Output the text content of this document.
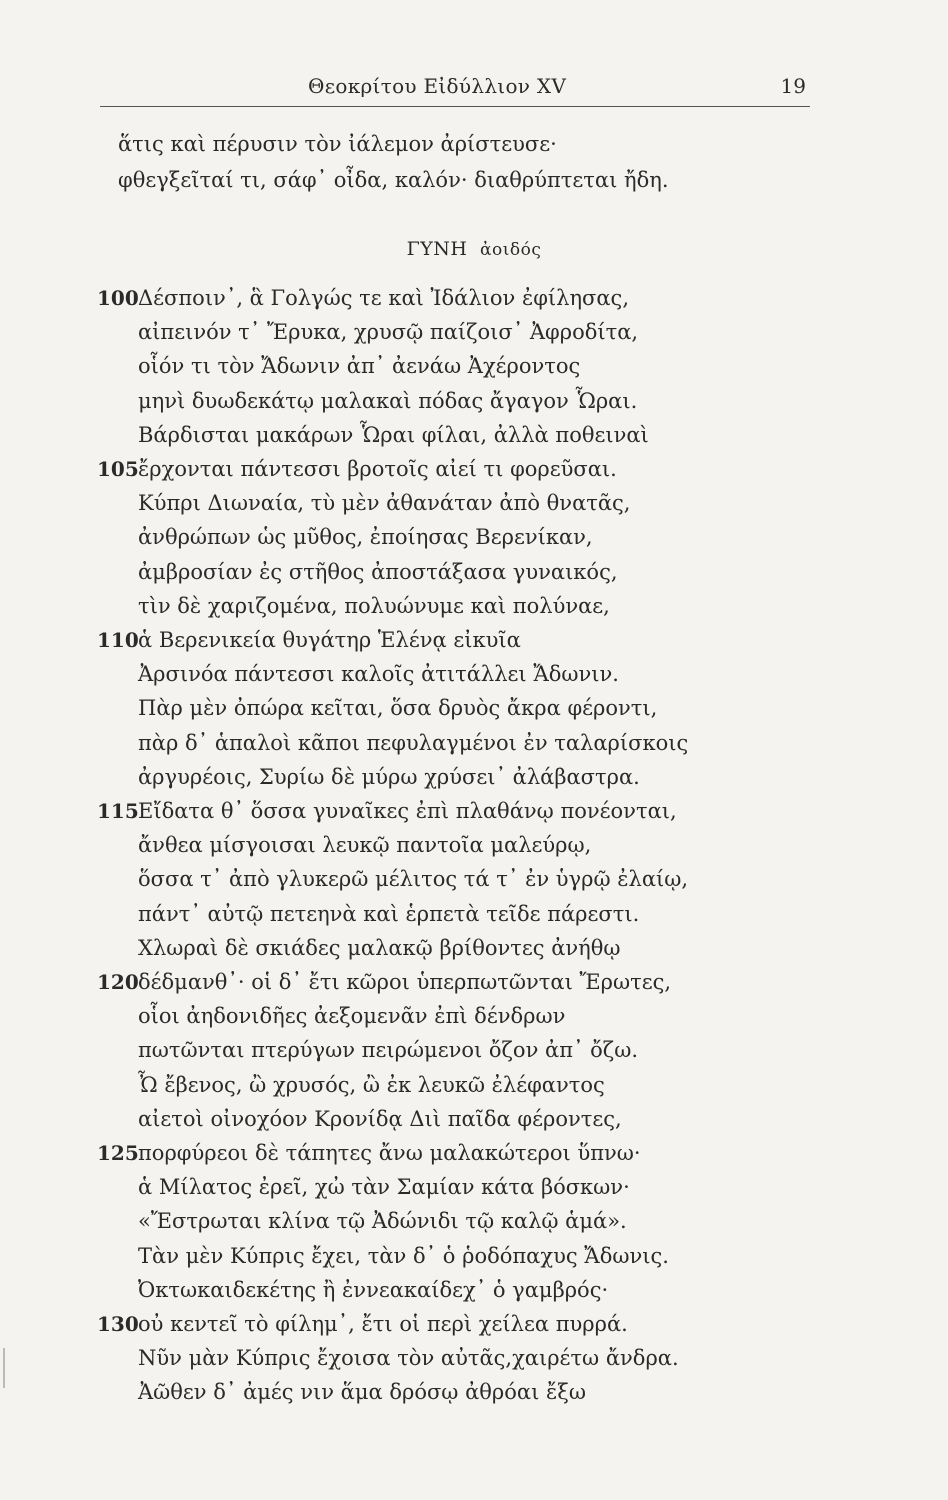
Θεοκρίτου Εἰδύλλιον XV	19
ἅτις καὶ πέρυσιν τὸν ἰάλεμον ἀρίστευσε·
φθεγξεῖταί τι, σάφ᾽ οἶδα, καλόν· διαθρύπτεται ἤδη.
ΓΥΝΗ ἀοιδός
100 Δέσποιν᾽, ἃ Γολγώς τε καὶ Ἰδάλιον ἐφίλησας,
αἰπεινόν τ᾽ Ἔρυκα, χρυσῷ παίζοισ᾽ Ἀφροδίτα,
οἷόν τι τὸν Ἄδωνιν ἀπ᾽ ἀενάω Ἀχέροντος
μηνὶ δυωδεκάτῳ μαλακαὶ πόδας ἄγαγον Ὧραι.
Βάρδισται μακάρων Ὧραι φίλαι, ἀλλὰ ποθειναὶ
105 ἔρχονται πάντεσσι βροτοῖς αἰεί τι φορεῦσαι.
Κύπρι Διωναία, τὺ μὲν ἀθανάταν ἀπὸ θνατᾶς,
ἀνθρώπων ὡς μῦθος, ἐποίησας Βερενίκαν,
ἀμβροσίαν ἐς στῆθος ἀποστάξασα γυναικός,
τὶν δὲ χαριζομένα, πολυώνυμε καὶ πολύναε,
110 ἁ Βερενικεία θυγάτηρ Ἑλένᾳ εἰκυῖα
Ἀρσινόα πάντεσσι καλοῖς ἀτιτάλλει Ἄδωνιν.
Πὰρ μὲν ὀπώρα κεῖται, ὅσα δρυὸς ἄκρα φέροντι,
πὰρ δ᾽ ἁπαλοὶ κᾶποι πεφυλαγμένοι ἐν ταλαρίσκοις
ἀργυρέοις, Συρίω δὲ μύρω χρύσει᾽ ἀλάβαστρα.
115 Εἴδατα θ᾽ ὅσσα γυναῖκες ἐπὶ πλαθάνῳ πονέονται,
ἄνθεα μίσγοισαι λευκῷ παντοῖα μαλεύρῳ,
ὅσσα τ᾽ ἀπὸ γλυκερῶ μέλιτος τά τ᾽ ἐν ὑγρῷ ἐλαίῳ,
πάντ᾽ αὐτῷ πετεηνὰ καὶ ἑρπετὰ τεῖδε πάρεστι.
Χλωραὶ δὲ σκιάδες μαλακῷ βρίθοντες ἀνήθῳ
120 δέδμανθ᾽· οἱ δ᾽ ἔτι κῶροι ὑπερπωτῶνται Ἔρωτες,
οἷοι ἀηδονιδῆες ἀεξομενᾶν ἐπὶ δένδρων
πωτῶνται πτερύγων πειρώμενοι ὄζον ἀπ᾽ ὄζω.
Ὦ ἔβενος, ὢ χρυσός, ὢ ἐκ λευκῶ ἐλέφαντος
αἰετοὶ οἰνοχόον Κρονίδᾳ Διὶ παῖδα φέροντες,
125 πορφύρεοι δὲ τάπητες ἄνω μαλακώτεροι ὕπνω·
ἁ Μίλατος ἐρεῖ, χὠ τὰν Σαμίαν κάτα βόσκων·
«Ἔστρωται κλίνα τῷ Ἀδώνιδι τῷ καλῷ ἁμά».
Τὰν μὲν Κύπρις ἔχει, τὰν δ᾽ ὁ ῥοδόπαχυς Ἄδωνις.
Ὀκτωκαιδεκέτης ἢ ἐννεακαίδεχ᾽ ὁ γαμβρός·
130 οὐ κεντεῖ τὸ φίλημ᾽, ἔτι οἱ περὶ χείλεα πυρρά.
Νῦν μὰν Κύπρις ἔχοισα τὸν αὐτᾶς,χαιρέτω ἄνδρα.
Ἀῶθεν δ᾽ ἀμές νιν ἅμα δρόσῳ ἀθρόαι ἔξω
